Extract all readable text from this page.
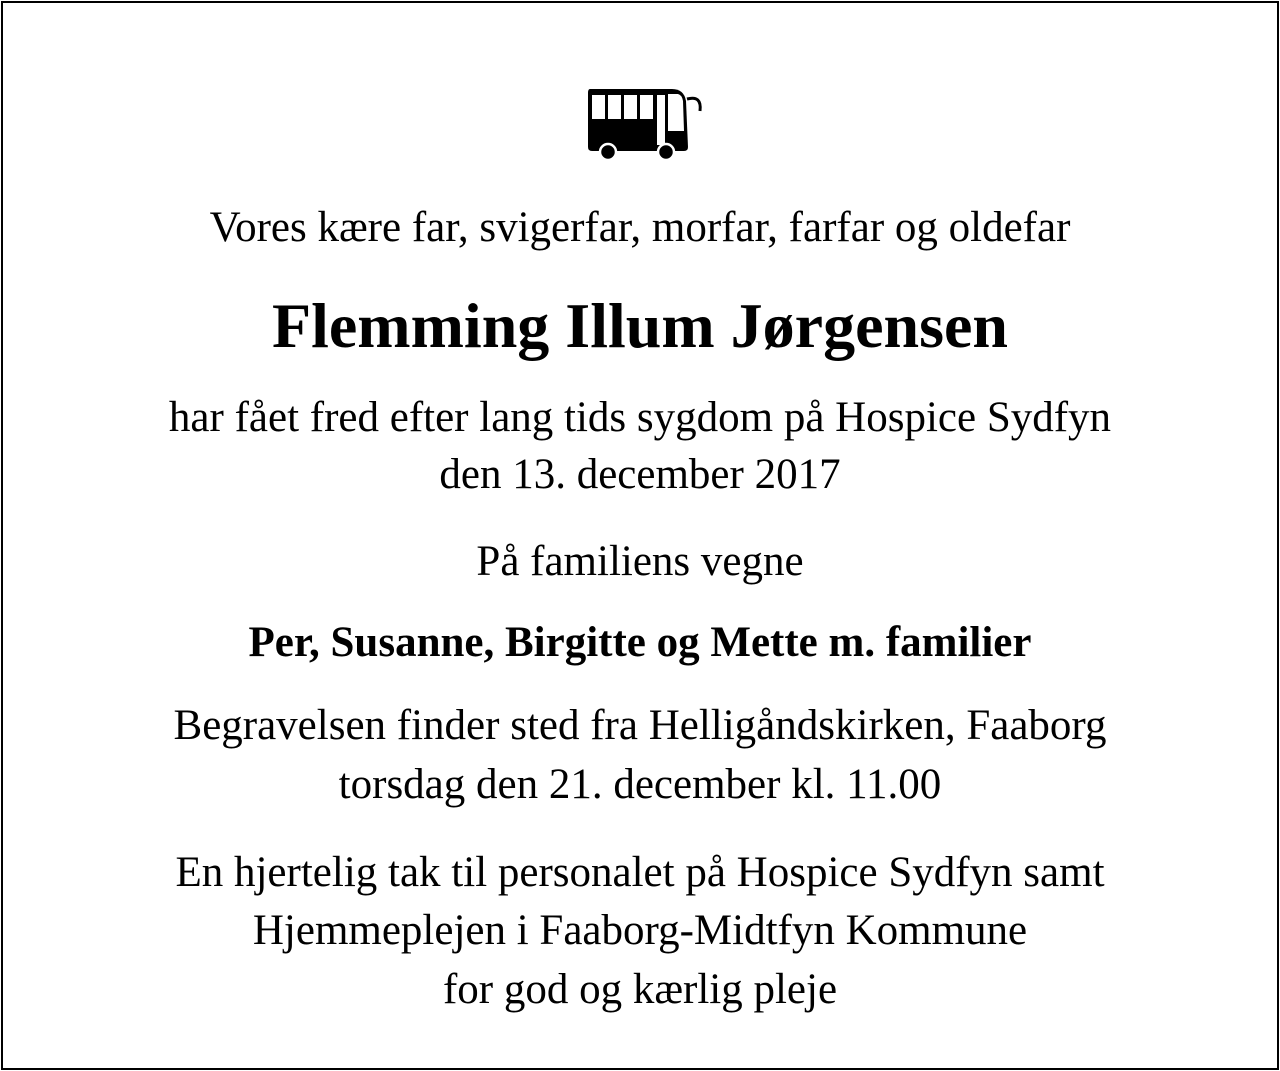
Vores kære far, svigerfar, morfar, farfar og oldefar
Flemming Illum Jørgensen
har fået fred efter lang tids sygdom på Hospice Sydfyn
den 13. december 2017
På familiens vegne
Per, Susanne, Birgitte og Mette m. familier
Begravelsen finder sted fra Helligåndskirken, Faaborg
torsdag den 21. december kl. 11.00
En hjertelig tak til personalet på Hospice Sydfyn samt
Hjemmeplejen i Faaborg-Midtfyn Kommune
for god og kærlig pleje
